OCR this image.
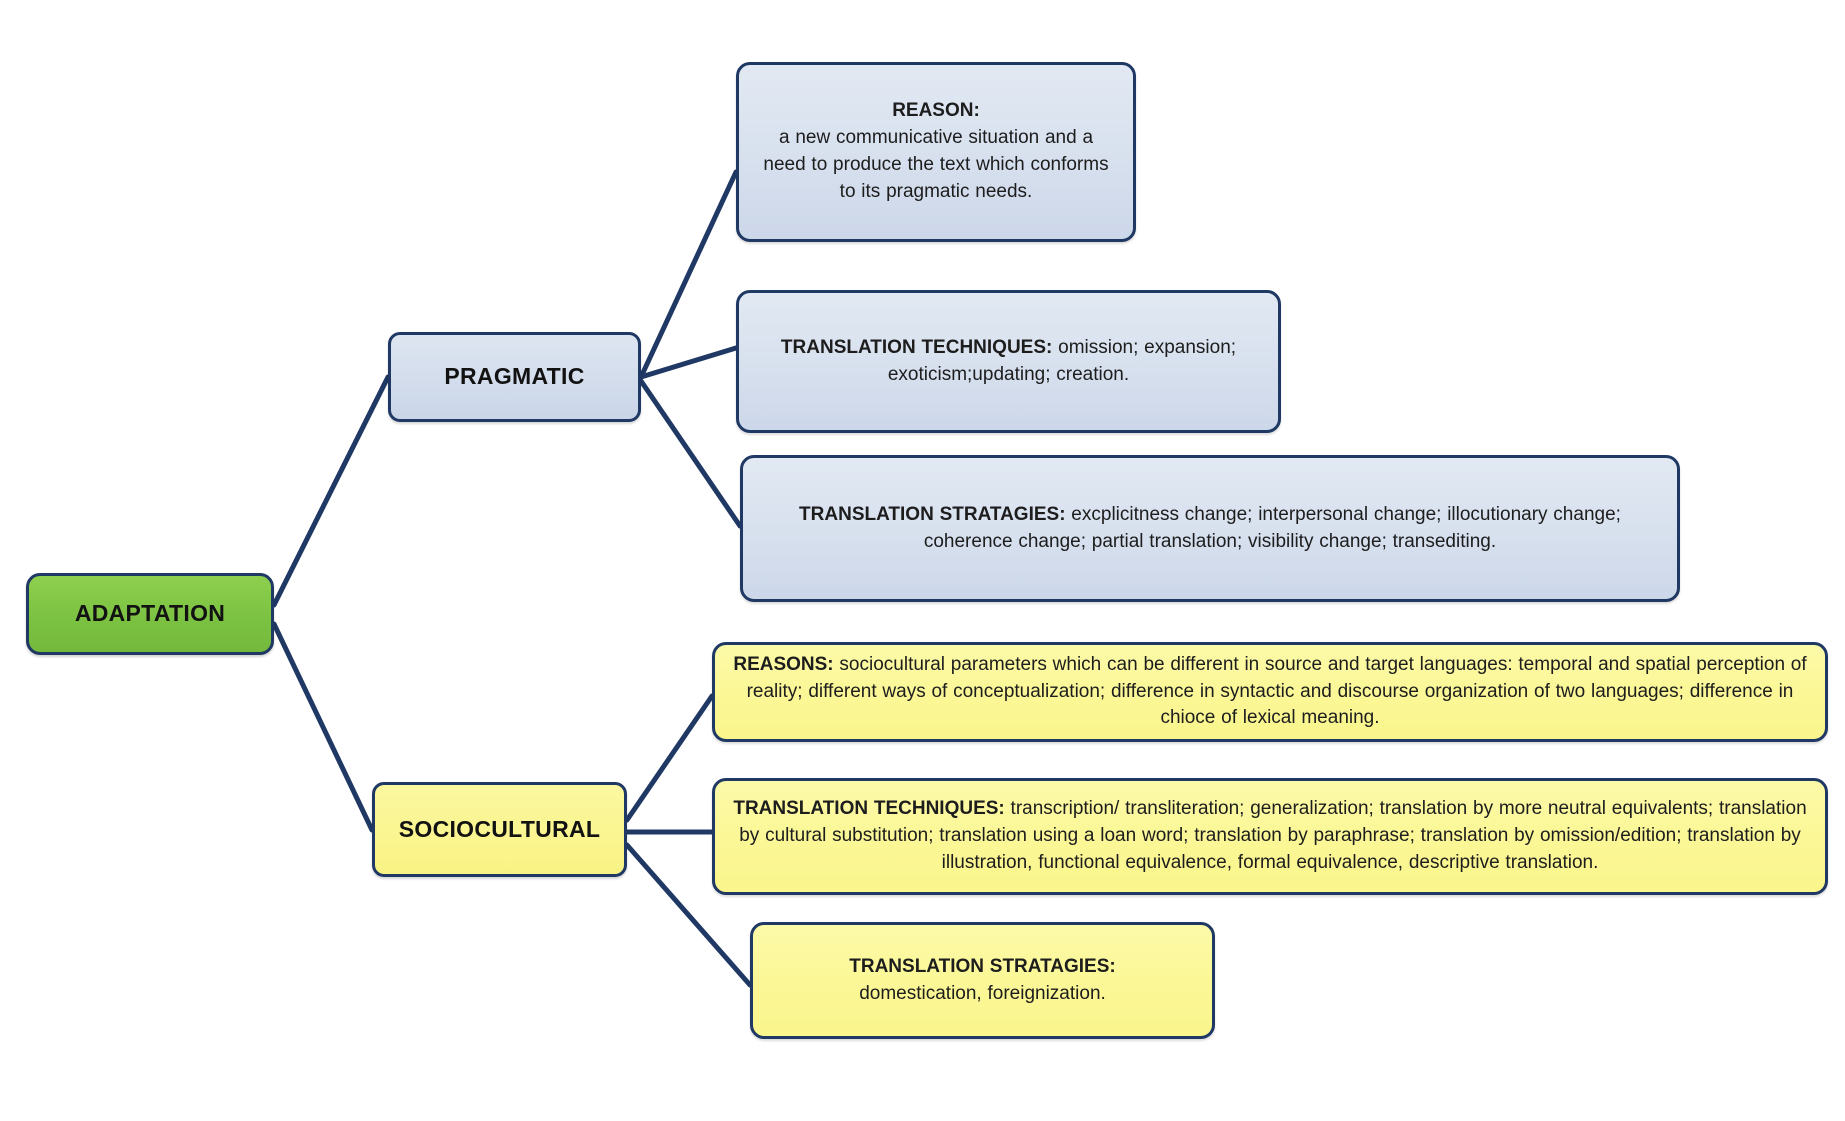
ADAPTATION
PRAGMATIC
SOCIOCULTURAL
REASON:
a new communicative situation and a need to produce the text which conforms to its pragmatic needs.
TRANSLATION TECHNIQUES: omission; expansion; exoticism;updating; creation.
TRANSLATION STRATAGIES: excplicitness change; interpersonal change; illocutionary change; coherence change; partial translation; visibility change; transediting.
REASONS: sociocultural parameters which can be different in source and target languages: temporal and spatial perception of reality; different ways of conceptualization; difference in syntactic and discourse organization of two languages; difference in chioce of lexical meaning.
TRANSLATION TECHNIQUES: transcription/ transliteration; generalization; translation by more neutral equivalents; translation by cultural substitution; translation using a loan word; translation by paraphrase; translation by omission/edition; translation by illustration, functional equivalence, formal equivalence, descriptive translation.
TRANSLATION STRATAGIES:
domestication, foreignization.
